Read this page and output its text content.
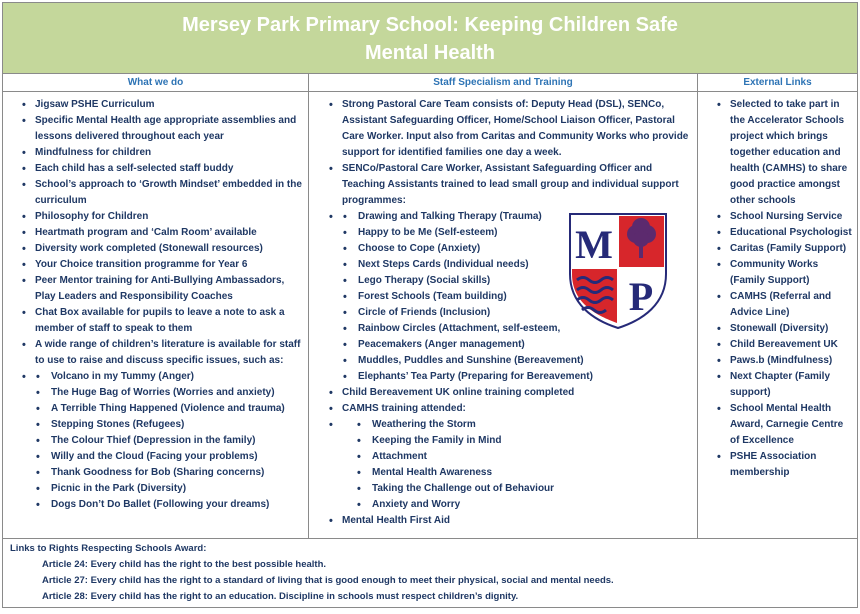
Mersey Park Primary School: Keeping Children Safe
Mental Health
What we do
• Jigsaw PSHE Curriculum
• Specific Mental Health age appropriate assemblies and lessons delivered throughout each year
• Mindfulness for children
• Each child has a self-selected staff buddy
• School’s approach to ‘Growth Mindset’ embedded in the curriculum
• Philosophy for Children
• Heartmath program and ‘Calm Room’ available
• Diversity work completed (Stonewall resources)
• Your Choice transition programme for Year 6
• Peer Mentor training for Anti-Bullying Ambassadors, Play Leaders and Responsibility Coaches
• Chat Box available for pupils to leave a note to ask a member of staff to speak to them
• A wide range of children’s literature is available for staff to use to raise and discuss specific issues, such as:
• • Volcano in my Tummy (Anger)
• The Huge Bag of Worries (Worries and anxiety)
• A Terrible Thing Happened (Violence and trauma)
• Stepping Stones (Refugees)
• The Colour Thief (Depression in the family)
• Willy and the Cloud (Facing your problems)
• Thank Goodness for Bob (Sharing concerns)
• Picnic in the Park (Diversity)
• Dogs Don’t Do Ballet (Following your dreams)
Staff Specialism and Training
• Strong Pastoral Care Team consists of: Deputy Head (DSL), SENCo, Assistant Safeguarding Officer, Home/School Liaison Officer, Pastoral Care Worker. Input also from Caritas and Community Works who provide support for identified families one day a week.
• SENCo/Pastoral Care Worker, Assistant Safeguarding Officer and Teaching Assistants trained to lead small group and individual support programmes:
• • Drawing and Talking Therapy (Trauma)
• Happy to be Me (Self-esteem)
• Choose to Cope (Anxiety)
• Next Steps Cards (Individual needs)
• Lego Therapy (Social skills)
• Forest Schools (Team building)
• Circle of Friends (Inclusion)
• Rainbow Circles (Attachment, self-esteem,
• Peacemakers (Anger management)
• Muddles, Puddles and Sunshine (Bereavement)
• Elephants’ Tea Party (Preparing for Bereavement)
• Child Bereavement UK online training completed
• CAMHS training attended:
• • Weathering the Storm
• Keeping the Family in Mind
• Attachment
• Mental Health Awareness
• Taking the Challenge out of Behaviour
• Anxiety and Worry
• Mental Health First Aid
M
P
External Links
• Selected to take part in the Accelerator Schools project which brings together education and health (CAMHS) to share good practice amongst other schools
• School Nursing Service
• Educational Psychologist
• Caritas (Family Support)
• Community Works (Family Support)
• CAMHS (Referral and Advice Line)
• Stonewall (Diversity)
• Child Bereavement UK
• Paws.b (Mindfulness)
• Next Chapter (Family support)
• School Mental Health Award, Carnegie Centre of Excellence
• PSHE Association membership
Links to Rights Respecting Schools Award:
Article 24: Every child has the right to the best possible health.
Article 27: Every child has the right to a standard of living that is good enough to meet their physical, social and mental needs.
Article 28: Every child has the right to an education. Discipline in schools must respect children’s dignity.
